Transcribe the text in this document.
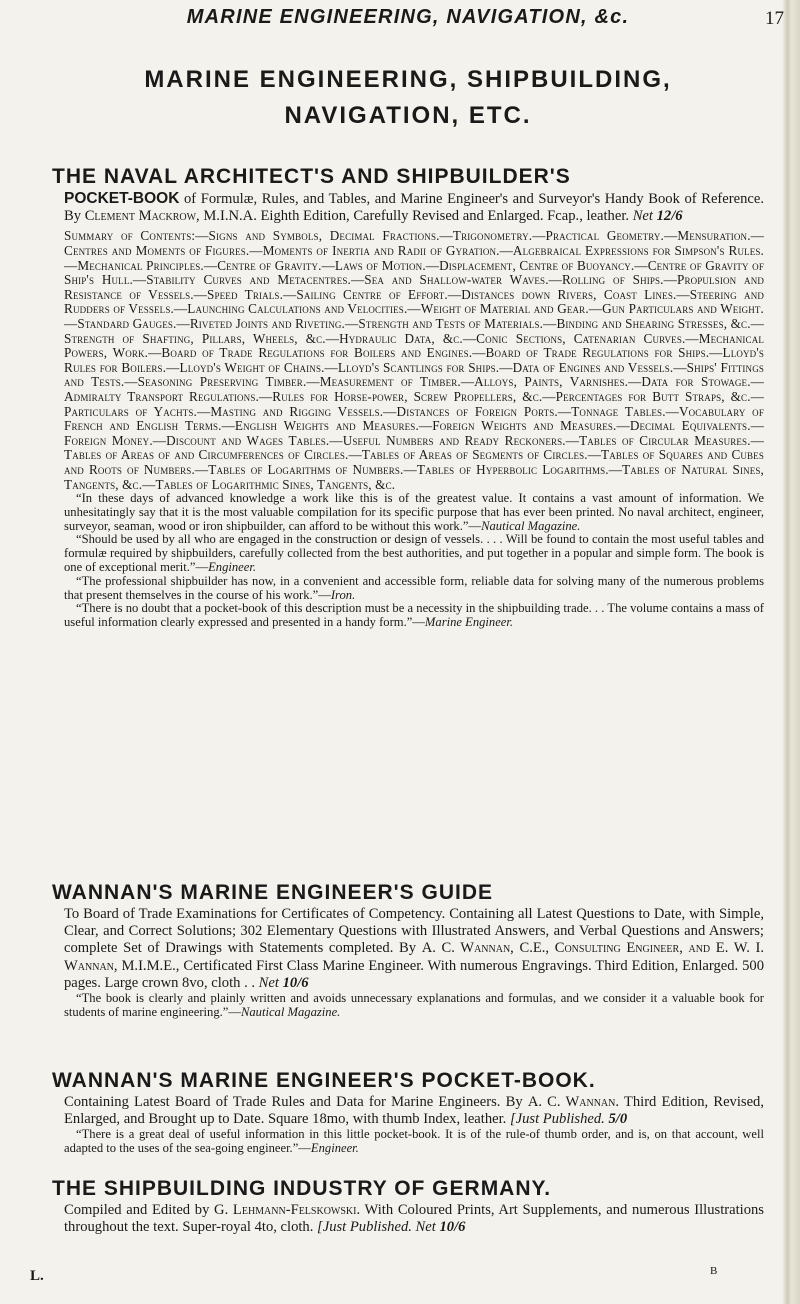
MARINE ENGINEERING, NAVIGATION, &c.	17
MARINE ENGINEERING, SHIPBUILDING,
NAVIGATION, ETC.
THE NAVAL ARCHITECT'S AND SHIPBUILDER'S

POCKET-BOOK of Formulæ, Rules, and Tables, and Marine Engineer's and Surveyor's Handy Book of Reference. By Clement Mackrow, M.I.N.A. Eighth Edition, Carefully Revised and Enlarged. Fcap., leather. Net 12/6

Summary of Contents:—Signs and Symbols, Decimal Fractions.—Trigonometry.—Practical Geometry.—Mensuration.—Centres and Moments of Figures.—Moments of Inertia and Radii of Gyration.—Algebraical Expressions for Simpson's Rules.—Mechanical Principles.—Centre of Gravity.—Laws of Motion.—Displacement, Centre of Buoyancy.—Centre of Gravity of Ship's Hull.—Stability Curves and Metacentres.—Sea and Shallow-water Waves.—Rolling of Ships.—Propulsion and Resistance of Vessels.—Speed Trials.—Sailing Centre of Effort.—Distances down Rivers, Coast Lines.—Steering and Rudders of Vessels.—Launching Calculations and Velocities.—Weight of Material and Gear.—Gun Particulars and Weight.—Standard Gauges.—Riveted Joints and Riveting.—Strength and Tests of Materials.—Binding and Shearing Stresses, &c.—Strength of Shafting, Pillars, Wheels, &c.—Hydraulic Data, &c.—Conic Sections, Catenarian Curves.—Mechanical Powers, Work.—Board of Trade Regulations for Boilers and Engines.—Board of Trade Regulations for Ships.—Lloyd's Rules for Boilers.—Lloyd's Weight of Chains.—Lloyd's Scantlings for Ships.—Data of Engines and Vessels.—Ships' Fittings and Tests.—Seasoning Preserving Timber.—Measurement of Timber.—Alloys, Paints, Varnishes.—Data for Stowage.—Admiralty Transport Regulations.—Rules for Horse-power, Screw Propellers, &c.—Percentages for Butt Straps, &c.—Particulars of Yachts.—Masting and Rigging Vessels.—Distances of Foreign Ports.—Tonnage Tables.—Vocabulary of French and English Terms.—English Weights and Measures.—Foreign Weights and Measures.—Decimal Equivalents.—Foreign Money.—Discount and Wages Tables.—Useful Numbers and Ready Reckoners.—Tables of Circular Measures.—Tables of Areas of and Circumferences of Circles.—Tables of Areas of Segments of Circles.—Tables of Squares and Cubes and Roots of Numbers.—Tables of Logarithms of Numbers.—Tables of Hyperbolic Logarithms.—Tables of Natural Sines, Tangents, &c.—Tables of Logarithmic Sines, Tangents, &c.

“In these days of advanced knowledge a work like this is of the greatest value. It contains a vast amount of information. We unhesitatingly say that it is the most valuable compilation for its specific purpose that has ever been printed. No naval architect, engineer, surveyor, seaman, wood or iron shipbuilder, can afford to be without this work.”—Nautical Magazine.

“Should be used by all who are engaged in the construction or design of vessels. . . . Will be found to contain the most useful tables and formulæ required by shipbuilders, carefully collected from the best authorities, and put together in a popular and simple form. The book is one of exceptional merit.”—Engineer.

“The professional shipbuilder has now, in a convenient and accessible form, reliable data for solving many of the numerous problems that present themselves in the course of his work.”—Iron.

“There is no doubt that a pocket-book of this description must be a necessity in the shipbuilding trade. . . The volume contains a mass of useful information clearly expressed and presented in a handy form.”—Marine Engineer.

WANNAN'S MARINE ENGINEER'S GUIDE

To Board of Trade Examinations for Certificates of Competency. Containing all Latest Questions to Date, with Simple, Clear, and Correct Solutions; 302 Elementary Questions with Illustrated Answers, and Verbal Questions and Answers; complete Set of Drawings with Statements completed. By A. C. Wannan, C.E., Consulting Engineer, and E. W. I. Wannan, M.I.M.E., Certificated First Class Marine Engineer. With numerous Engravings. Third Edition, Enlarged. 500 pages. Large crown 8vo, cloth . . Net 10/6

“The book is clearly and plainly written and avoids unnecessary explanations and formulas, and we consider it a valuable book for students of marine engineering.”—Nautical Magazine.

WANNAN'S MARINE ENGINEER'S POCKET-BOOK.

Containing Latest Board of Trade Rules and Data for Marine Engineers. By A. C. Wannan. Third Edition, Revised, Enlarged, and Brought up to Date. Square 18mo, with thumb Index, leather. [Just Published. 5/0

“There is a great deal of useful information in this little pocket-book. It is of the rule-of thumb order, and is, on that account, well adapted to the uses of the sea-going engineer.”—Engineer.

THE SHIPBUILDING INDUSTRY OF GERMANY.

Compiled and Edited by G. Lehmann-Felskowski. With Coloured Prints, Art Supplements, and numerous Illustrations throughout the text. Super-royal 4to, cloth. [Just Published. Net 10/6

L.	B
